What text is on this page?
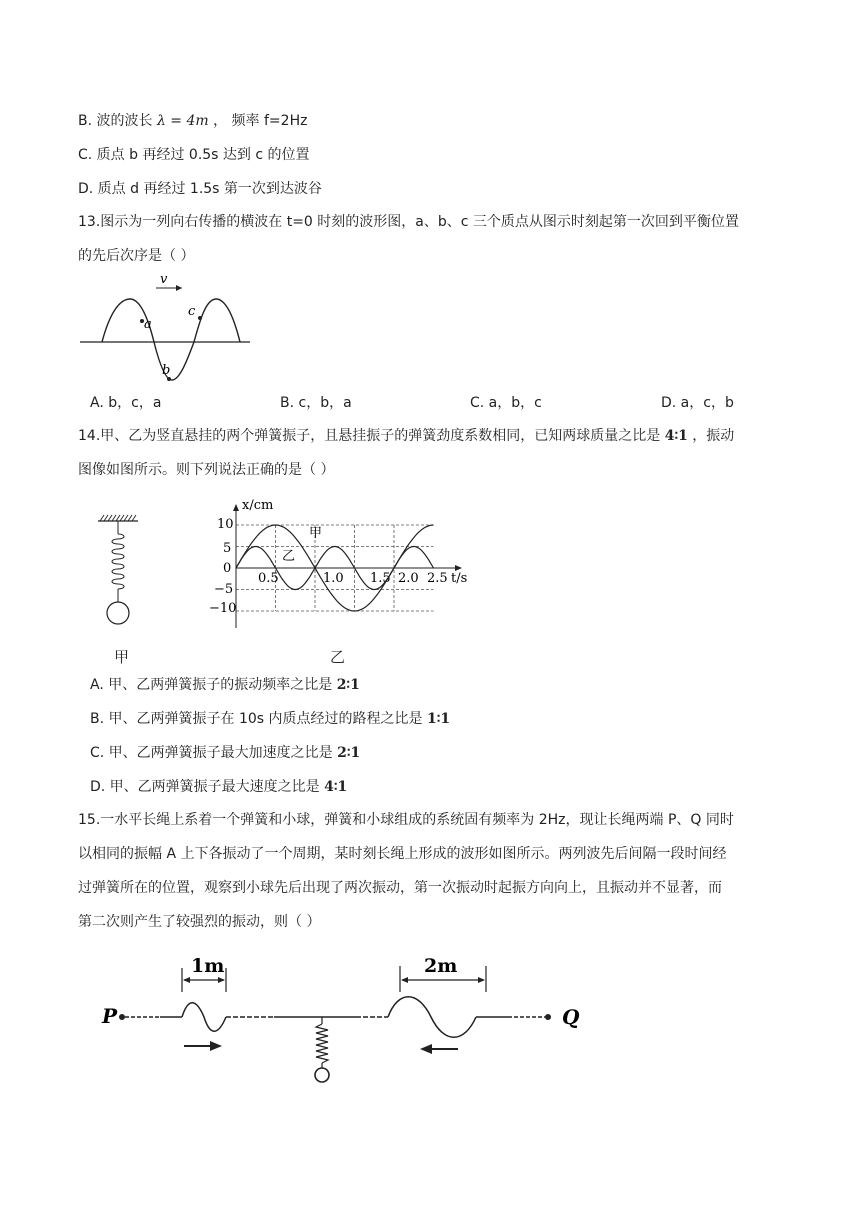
B. 波的波长 λ = 4m ， 频率 f=2Hz
C. 质点 b 再经过 0.5s 达到 c 的位置
D. 质点 d 再经过 1.5s 第一次到达波谷
13.图示为一列向右传播的横波在 t=0 时刻的波形图，a、b、c 三个质点从图示时刻起第一次回到平衡位置
的先后次序是（ ）
v
a
b
c
A. b，c，a	B. c，b，a	C. a，b，c	D. a，c，b
14.甲、乙为竖直悬挂的两个弹簧振子，且悬挂振子的弹簧劲度系数相同，已知两球质量之比是 4∶1 ，振动
图像如图所示。则下列说法正确的是（ ）
x/cm
t/s
10
5
0
−5
−10
0.5	1.0 1.5 2.0 2.5
甲
乙
甲	乙
A. 甲、乙两弹簧振子的振动频率之比是 2∶1
B. 甲、乙两弹簧振子在 10s 内质点经过的路程之比是 1∶1
C. 甲、乙两弹簧振子最大加速度之比是 2∶1
D. 甲、乙两弹簧振子最大速度之比是 4∶1
15.一水平长绳上系着一个弹簧和小球，弹簧和小球组成的系统固有频率为 2Hz，现让长绳两端 P、Q 同时
以相同的振幅 A 上下各振动了一个周期，某时刻长绳上形成的波形如图所示。两列波先后间隔一段时间经
过弹簧所在的位置，观察到小球先后出现了两次振动，第一次振动时起振方向向上，且振动并不显著，而
第二次则产生了较强烈的振动，则（ ）
P	Q
1m	2m
